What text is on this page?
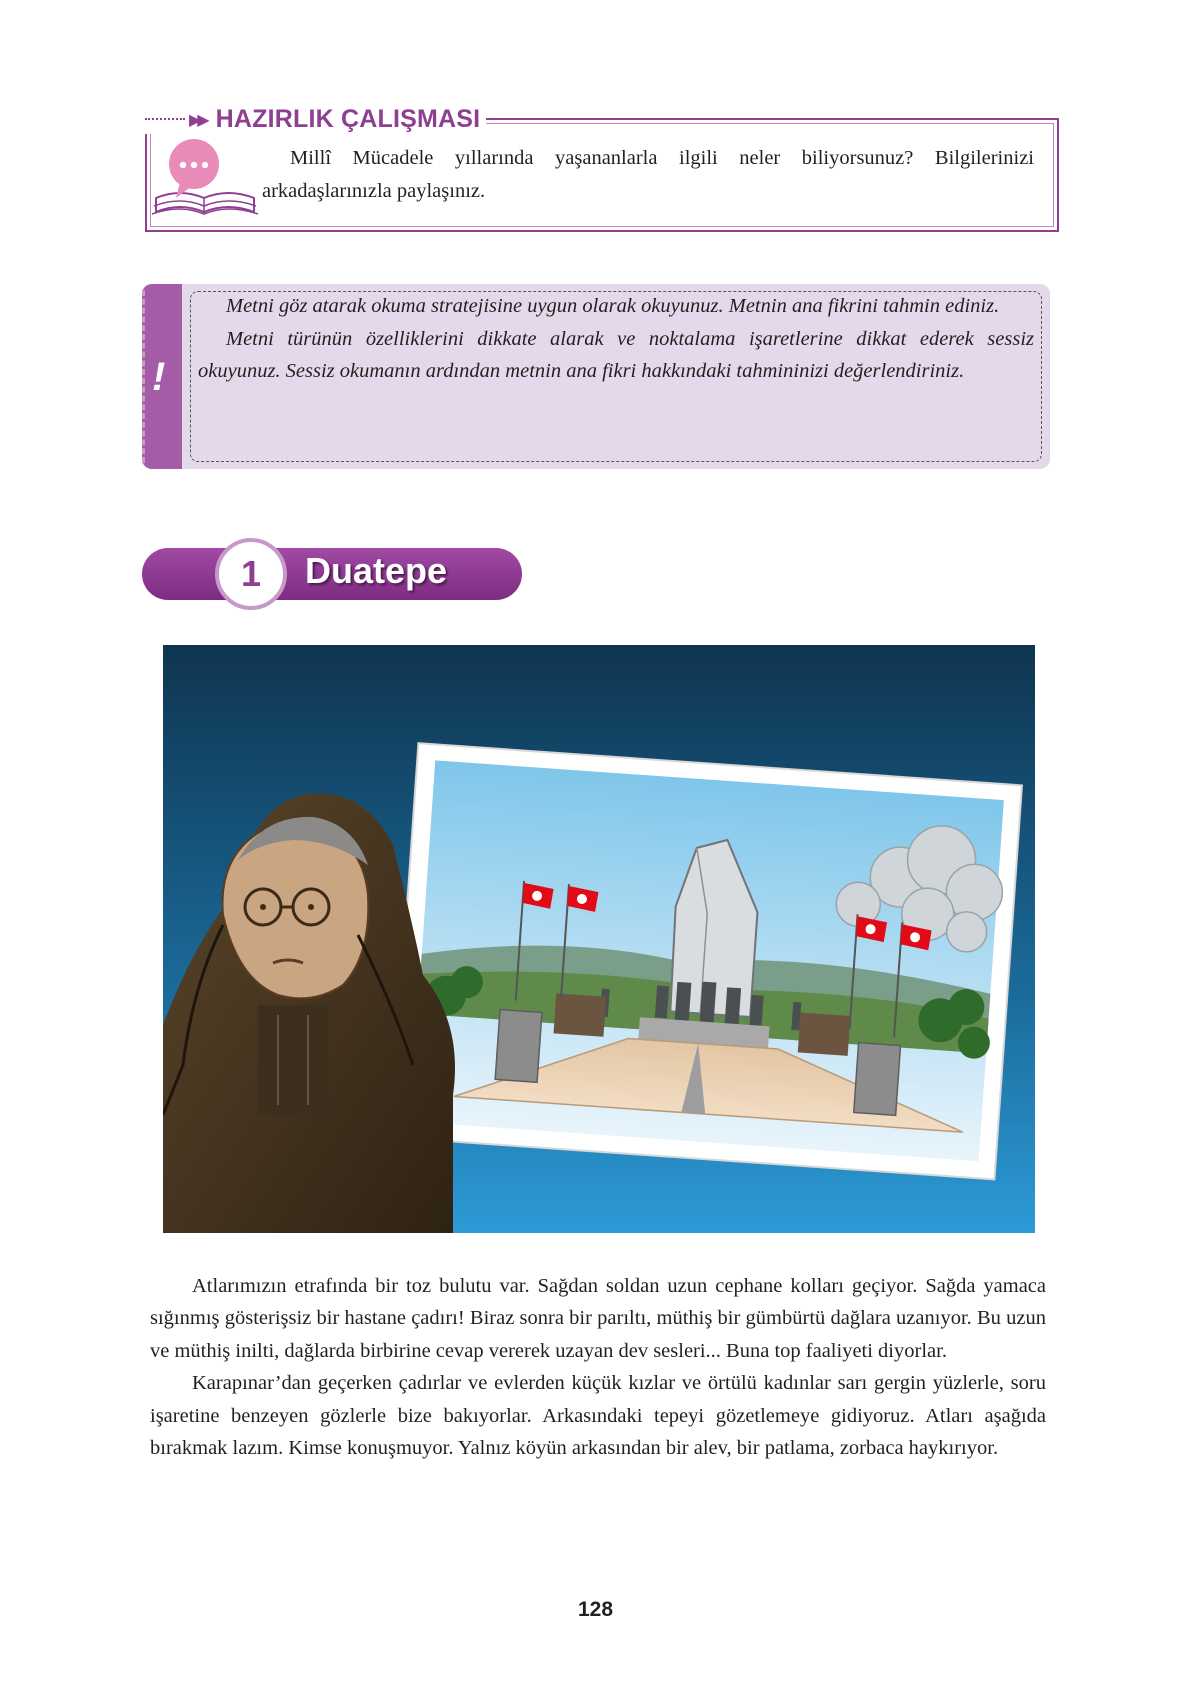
▶▶ HAZIRLIK ÇALIŞMASI

Millî Mücadele yıllarında yaşananlarla ilgili neler biliyorsunuz? Bilgilerinizi arkadaşlarınızla paylaşınız.

!

Metni göz atarak okuma stratejisine uygun olarak okuyunuz. Metnin ana fikrini tahmin ediniz.

Metni türünün özelliklerini dikkate alarak ve noktalama işaretlerine dikkat ederek sessiz okuyunuz. Sessiz okumanın ardından metnin ana fikri hakkındaki tahmininizi değerlendiriniz.

1	Duatepe

Atlarımızın etrafında bir toz bulutu var. Sağdan soldan uzun cephane kolları geçiyor. Sağda yamaca sığınmış gösterişsiz bir hastane çadırı! Biraz sonra bir parıltı, müthiş bir gümbürtü dağlara uzanıyor. Bu uzun ve müthiş inilti, dağlarda birbirine cevap vererek uzayan dev sesleri... Buna top faaliyeti diyorlar.

Karapınar’dan geçerken çadırlar ve evlerden küçük kızlar ve örtülü kadınlar sarı gergin yüzlerle, soru işaretine benzeyen gözlerle bize bakıyorlar. Arkasındaki tepeyi gözetlemeye gidiyoruz. Atları aşağıda bırakmak lazım. Kimse konuşmuyor. Yalnız köyün arkasından bir alev, bir patlama, zorbaca haykırıyor.

128
